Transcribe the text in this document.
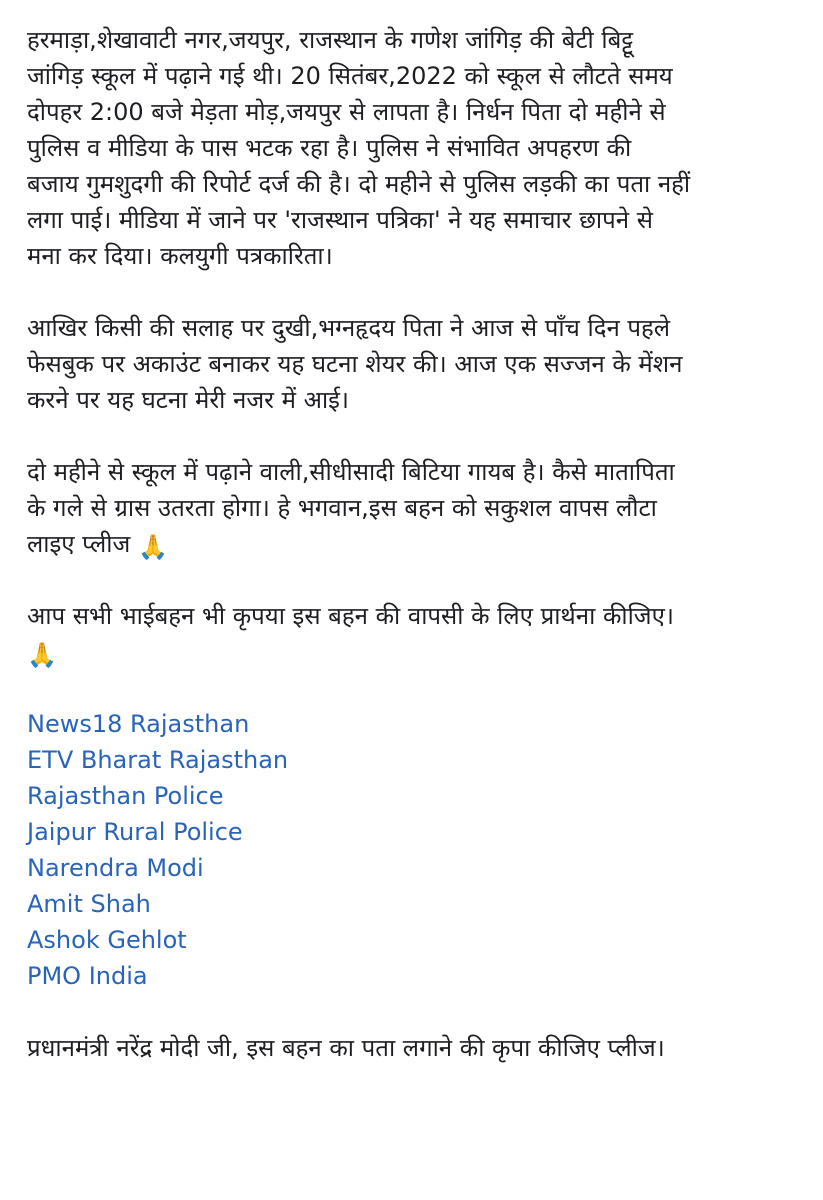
हरमाड़ा,शेखावाटी नगर,जयपुर, राजस्थान के गणेश जांगिड़ की बेटी बिट्टू
जांगिड़ स्कूल में पढ़ाने गई थी। 20 सितंबर,2022 को स्कूल से लौटते समय
दोपहर 2:00 बजे मेड़ता मोड़,जयपुर से लापता है। निर्धन पिता दो महीने से
पुलिस व मीडिया के पास भटक रहा है। पुलिस ने संभावित अपहरण की
बजाय गुमशुदगी की रिपोर्ट दर्ज की है। दो महीने से पुलिस लड़की का पता नहीं
लगा पाई। मीडिया में जाने पर 'राजस्थान पत्रिका' ने यह समाचार छापने से
मना कर दिया। कलयुगी पत्रकारिता।
आखिर किसी की सलाह पर दुखी,भग्नहृदय पिता ने आज से पाँच दिन पहले
फेसबुक पर अकाउंट बनाकर यह घटना शेयर की। आज एक सज्जन के मेंशन
करने पर यह घटना मेरी नजर में आई।
दो महीने से स्कूल में पढ़ाने वाली,सीधीसादी बिटिया गायब है। कैसे मातापिता
के गले से ग्रास उतरता होगा। हे भगवान,इस बहन को सकुशल वापस लौटा
लाइए प्लीज 🙏
आप सभी भाईबहन भी कृपया इस बहन की वापसी के लिए प्रार्थना कीजिए।
🙏
News18 Rajasthan
ETV Bharat Rajasthan
Rajasthan Police
Jaipur Rural Police
Narendra Modi
Amit Shah
Ashok Gehlot
PMO India

प्रधानमंत्री नरेंद्र मोदी जी, इस बहन का पता लगाने की कृपा कीजिए प्लीज।
